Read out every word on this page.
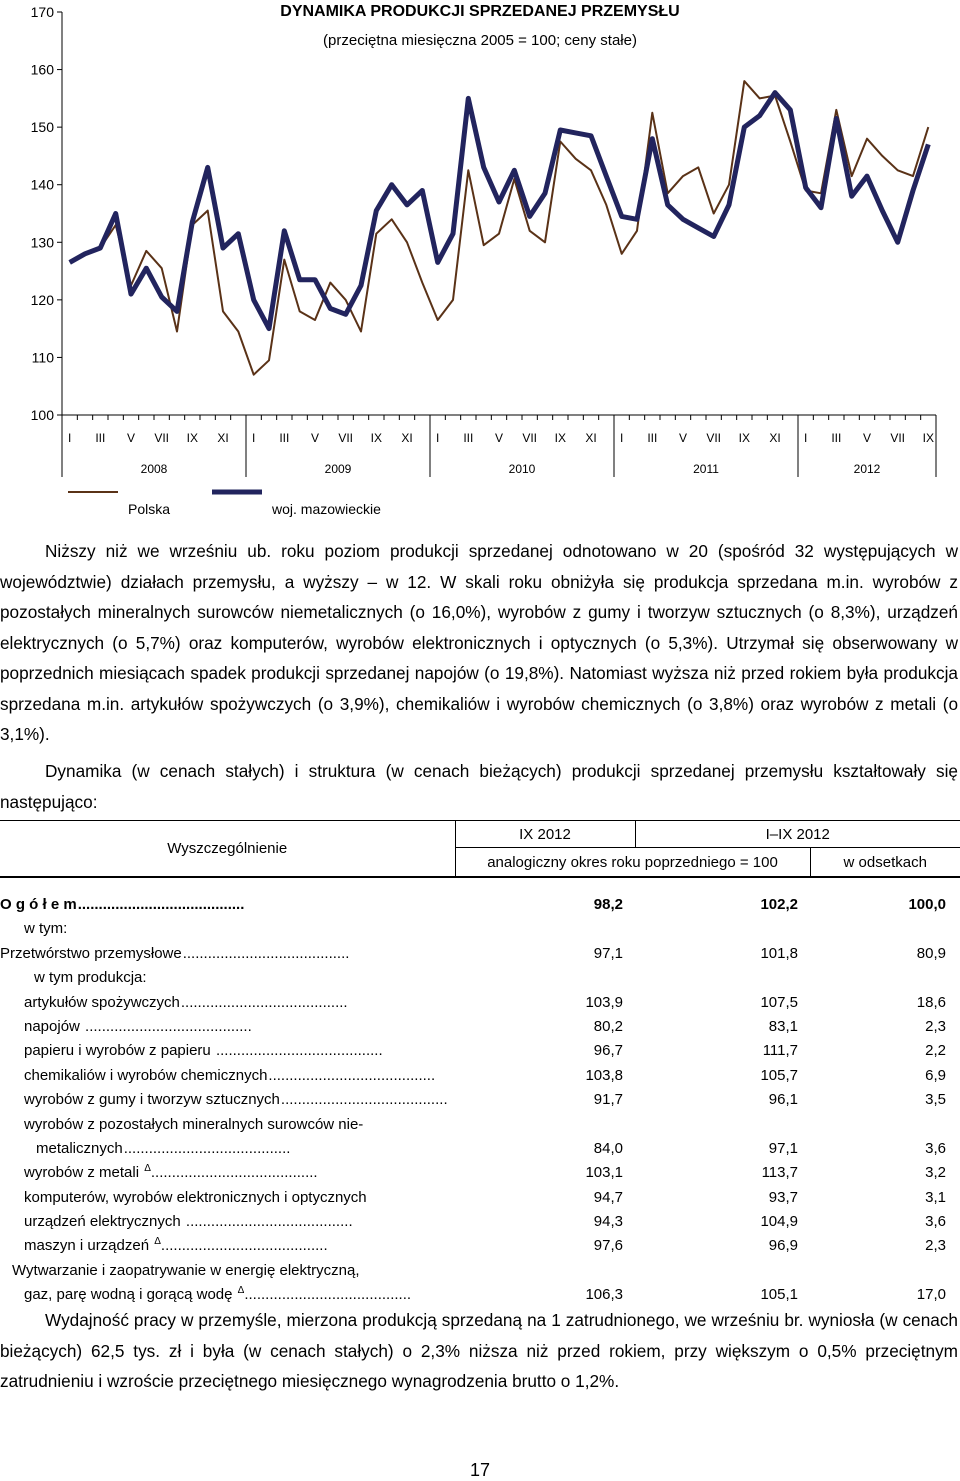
DYNAMIKA PRODUKCJI SPRZEDANEJ PRZEMYSŁU
(przeciętna miesięczna 2005 = 100; ceny stałe)
100
110
120
130
140
150
160
170
I III V VII IX XI I III V VII IX XI I III V VII IX XI I III V VII IX XI I III V VII IX
2008	2009	2010	2011	2012
Polska	woj. mazowieckie

Niższy niż we wrześniu ub. roku poziom produkcji sprzedanej odnotowano w 20 (spośród 32 występujących w województwie) działach przemysłu, a wyższy – w 12. W skali roku obniżyła się produkcja sprzedana m.in. wyrobów z pozostałych mineralnych surowców niemetalicznych (o 16,0%), wyrobów z gumy i tworzyw sztucznych (o 8,3%), urządzeń elektrycznych (o 5,7%) oraz komputerów, wyrobów elektronicznych i optycznych (o 5,3%). Utrzymał się obserwowany w poprzednich miesiącach spadek produkcji sprzedanej napojów (o 19,8%). Natomiast wyższa niż przed rokiem była produkcja sprzedana m.in. artykułów spożywczych (o 3,9%), chemikaliów i wyrobów chemicznych (o 3,8%) oraz wyrobów z metali (o 3,1%).

Dynamika (w cenach stałych) i struktura (w cenach bieżących) produkcji sprzedanej przemysłu kształtowały się następująco:

Wyszczególnienie	IX 2012	I–IX 2012	
	analogiczny okres roku poprzedniego = 100		w odsetkach
O g ó ł e m........................................	98,2	102,2	100,0
w tym:			
Przetwórstwo przemysłowe........................................	97,1	101,8	80,9
w tym produkcja:			
artykułów spożywczych........................................	103,9	107,5	18,6
napojów ........................................	80,2	83,1	2,3
papieru i wyrobów z papieru ........................................	96,7	111,7	2,2
chemikaliów i wyrobów chemicznych........................................	103,8	105,7	6,9
wyrobów z gumy i tworzyw sztucznych........................................	91,7	96,1	3,5
wyrobów z pozostałych mineralnych surowców nie-			
metalicznych........................................	84,0	97,1	3,6
wyrobów z metali $^\Delta$........................................	103,1	113,7	3,2
komputerów, wyrobów elektronicznych i optycznych	94,7	93,7	3,1
urządzeń elektrycznych ........................................	94,3	104,9	3,6
maszyn i urządzeń $^\Delta$........................................	97,6	96,9	2,3
Wytwarzanie i zaopatrywanie w energię elektryczną,			
gaz, parę wodną i gorącą wodę $^\Delta$........................................	106,3	105,1	17,0

Wydajność pracy w przemyśle, mierzona produkcją sprzedaną na 1 zatrudnionego, we wrześniu br. wyniosła (w cenach bieżących) 62,5 tys. zł i była (w cenach stałych) o 2,3% niższa niż przed rokiem, przy większym o 0,5% przeciętnym zatrudnieniu i wzroście przeciętnego miesięcznego wynagrodzenia brutto o 1,2%.

17
